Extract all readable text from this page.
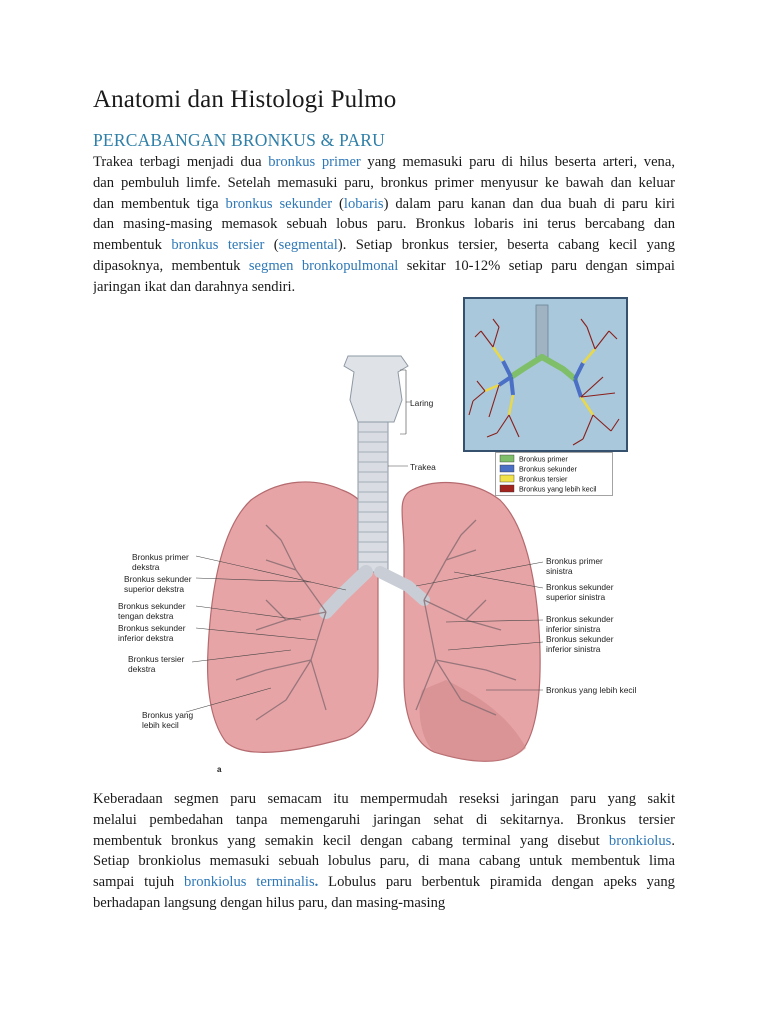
Anatomi dan Histologi Pulmo
PERCABANGAN BRONKUS & PARU
Trakea terbagi menjadi dua bronkus primer yang memasuki paru di hilus beserta arteri, vena,
dan pembuluh limfe. Setelah memasuki paru, bronkus primer menyusur ke bawah dan keluar
dan membentuk tiga bronkus sekunder (lobaris) dalam paru kanan dan dua buah di paru kiri
dan masing-masing memasok sebuah lobus paru. Bronkus lobaris ini terus bercabang dan
membentuk bronkus tersier (segmental). Setiap bronkus tersier, beserta cabang kecil yang
dipasoknya, membentuk segmen bronkopulmonal sekitar 10-12% setiap paru dengan simpai
jaringan ikat dan darahnya sendiri.
Bronkus primer
Bronkus sekunder
Bronkus tersier
Bronkus yang lebih kecil
Laring
Trakea
Bronkus primer
dekstra
Bronkus sekunder
superior dekstra
Bronkus sekunder
tengan dekstra
Bronkus sekunder
inferior dekstra
Bronkus tersier
dekstra
Bronkus yang
lebih kecil
Bronkus primer
sinistra
Bronkus sekunder
superior sinistra
Bronkus sekunder
inferior sinistra
Bronkus sekunder
inferior sinistra
Bronkus yang lebih kecil
a
Keberadaan segmen paru semacam itu mempermudah reseksi jaringan paru yang sakit
melalui pembedahan tanpa memengaruhi jaringan sehat di sekitarnya. Bronkus tersier
membentuk bronkus yang semakin kecil dengan cabang terminal yang disebut bronkiolus.
Setiap bronkiolus memasuki sebuah lobulus paru, di mana cabang untuk membentuk lima
sampai tujuh bronkiolus terminalis. Lobulus paru berbentuk piramida dengan apeks yang
berhadapan langsung dengan hilus paru, dan masing-masing
